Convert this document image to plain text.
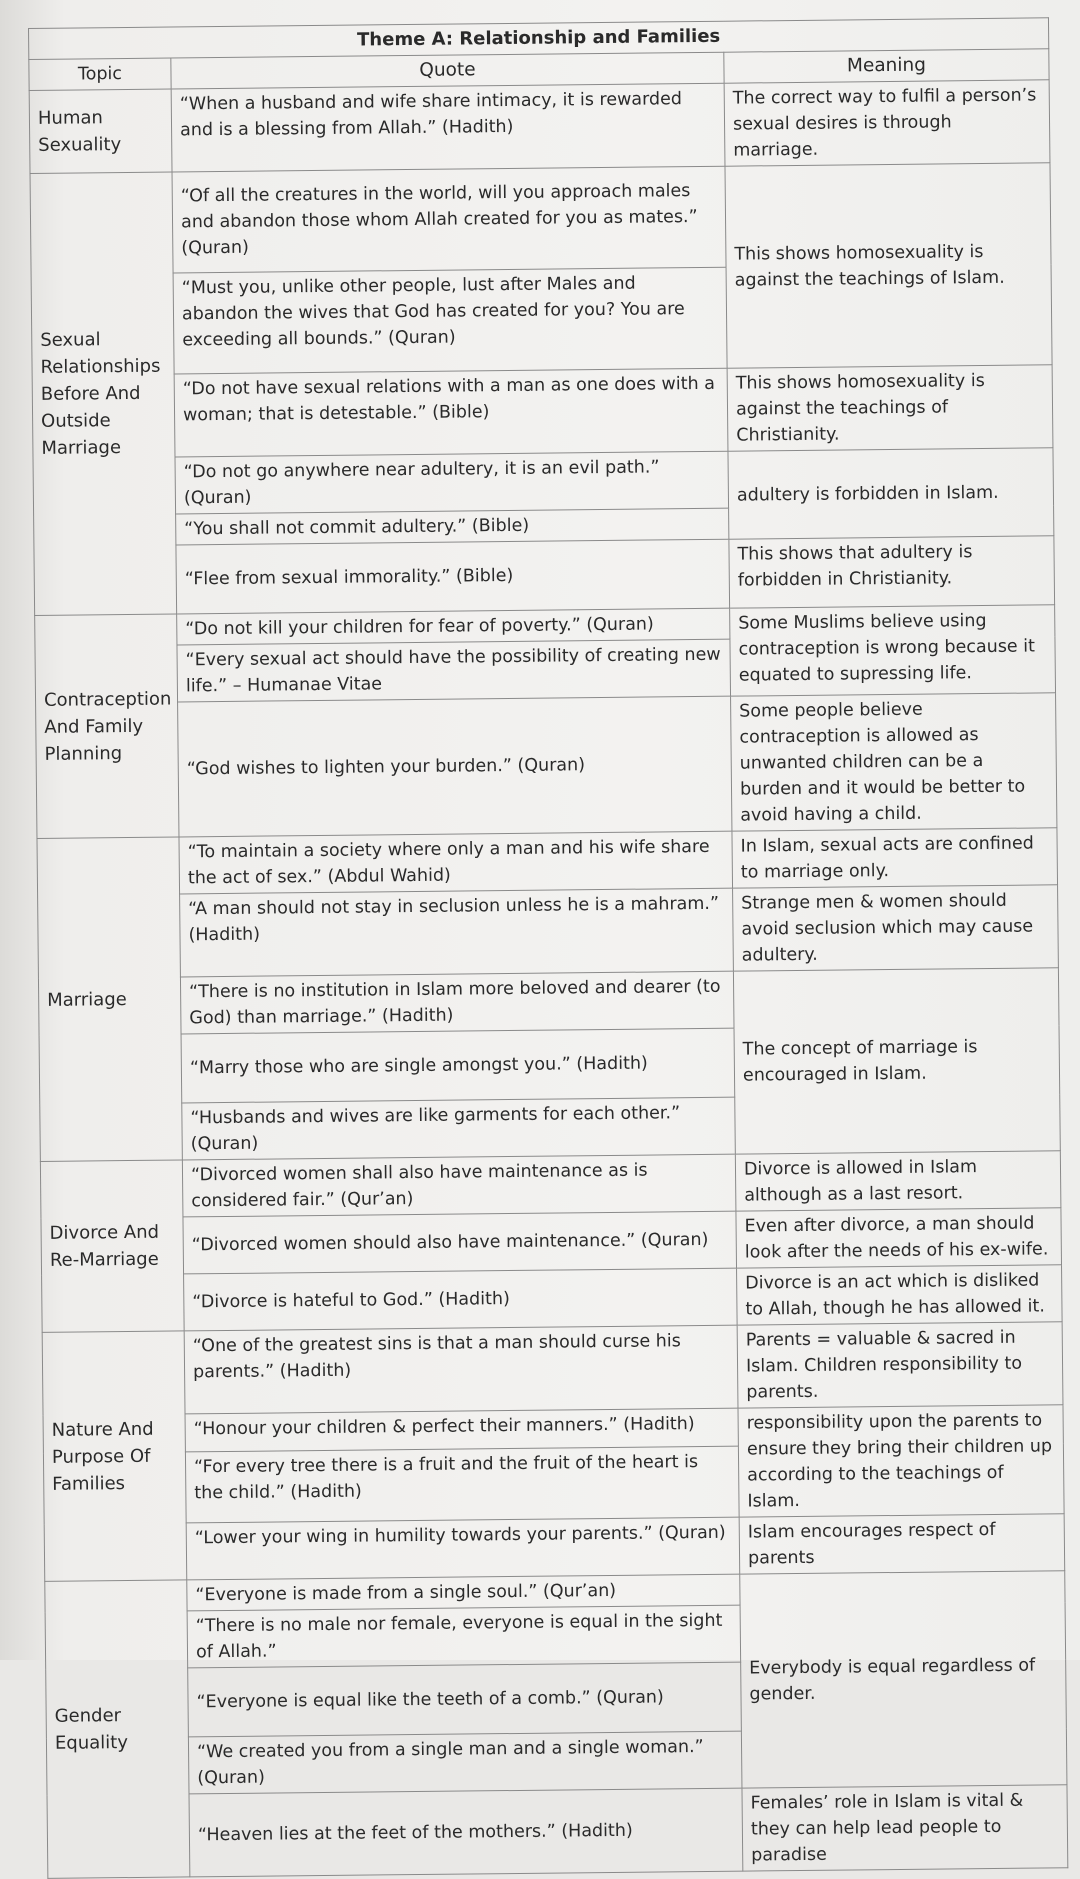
Theme A: Relationship and Families		
Topic	Quote	Meaning
Human Sexuality	“When a husband and wife share intimacy, it is rewarded and is a blessing from Allah.” (Hadith)	The correct way to fulfil a person’s sexual desires is through marriage.
Sexual Relationships Before And Outside Marriage	“Of all the creatures in the world, will you approach males and abandon those whom Allah created for you as mates.” (Quran)	This shows homosexuality is against the teachings of Islam.
	“Must you, unlike other people, lust after Males and abandon the wives that God has created for you? You are exceeding all bounds.” (Quran)	
	“Do not have sexual relations with a man as one does with a woman; that is detestable.” (Bible)	This shows homosexuality is against the teachings of Christianity.
	“Do not go anywhere near adultery, it is an evil path.” (Quran)	adultery is forbidden in Islam.
	“You shall not commit adultery.” (Bible)	
	“Flee from sexual immorality.” (Bible)	This shows that adultery is forbidden in Christianity.
Contraception And Family Planning	“Do not kill your children for fear of poverty.” (Quran)	Some Muslims believe using contraception is wrong because it equated to supressing life.
	“Every sexual act should have the possibility of creating new life.” – Humanae Vitae	
	“God wishes to lighten your burden.” (Quran)	Some people believe contraception is allowed as unwanted children can be a burden and it would be better to avoid having a child.
Marriage	“To maintain a society where only a man and his wife share the act of sex.” (Abdul Wahid)	In Islam, sexual acts are confined to marriage only.
	“A man should not stay in seclusion unless he is a mahram.” (Hadith)	Strange men & women should avoid seclusion which may cause adultery.
	“There is no institution in Islam more beloved and dearer (to God) than marriage.” (Hadith)	The concept of marriage is encouraged in Islam.
	“Marry those who are single amongst you.” (Hadith)	
	“Husbands and wives are like garments for each other.” (Quran)	
Divorce And Re-Marriage	“Divorced women shall also have maintenance as is considered fair.” (Qur’an)	Divorce is allowed in Islam although as a last resort.
	“Divorced women should also have maintenance.” (Quran)	Even after divorce, a man should look after the needs of his ex-wife.
	“Divorce is hateful to God.” (Hadith)	Divorce is an act which is disliked to Allah, though he has allowed it.
Nature And Purpose Of Families	“One of the greatest sins is that a man should curse his parents.” (Hadith)	Parents = valuable & sacred in Islam. Children responsibility to parents.
	“Honour your children & perfect their manners.” (Hadith)	responsibility upon the parents to ensure they bring their children up according to the teachings of Islam.
	“For every tree there is a fruit and the fruit of the heart is the child.” (Hadith)	
	“Lower your wing in humility towards your parents.” (Quran)	Islam encourages respect of parents
Gender Equality	“Everyone is made from a single soul.” (Qur’an)	Everybody is equal regardless of gender.
	“There is no male nor female, everyone is equal in the sight of Allah.”	
	“Everyone is equal like the teeth of a comb.” (Quran)	
	“We created you from a single man and a single woman.” (Quran)	
	“Heaven lies at the feet of the mothers.” (Hadith)	Females’ role in Islam is vital & they can help lead people to paradise
